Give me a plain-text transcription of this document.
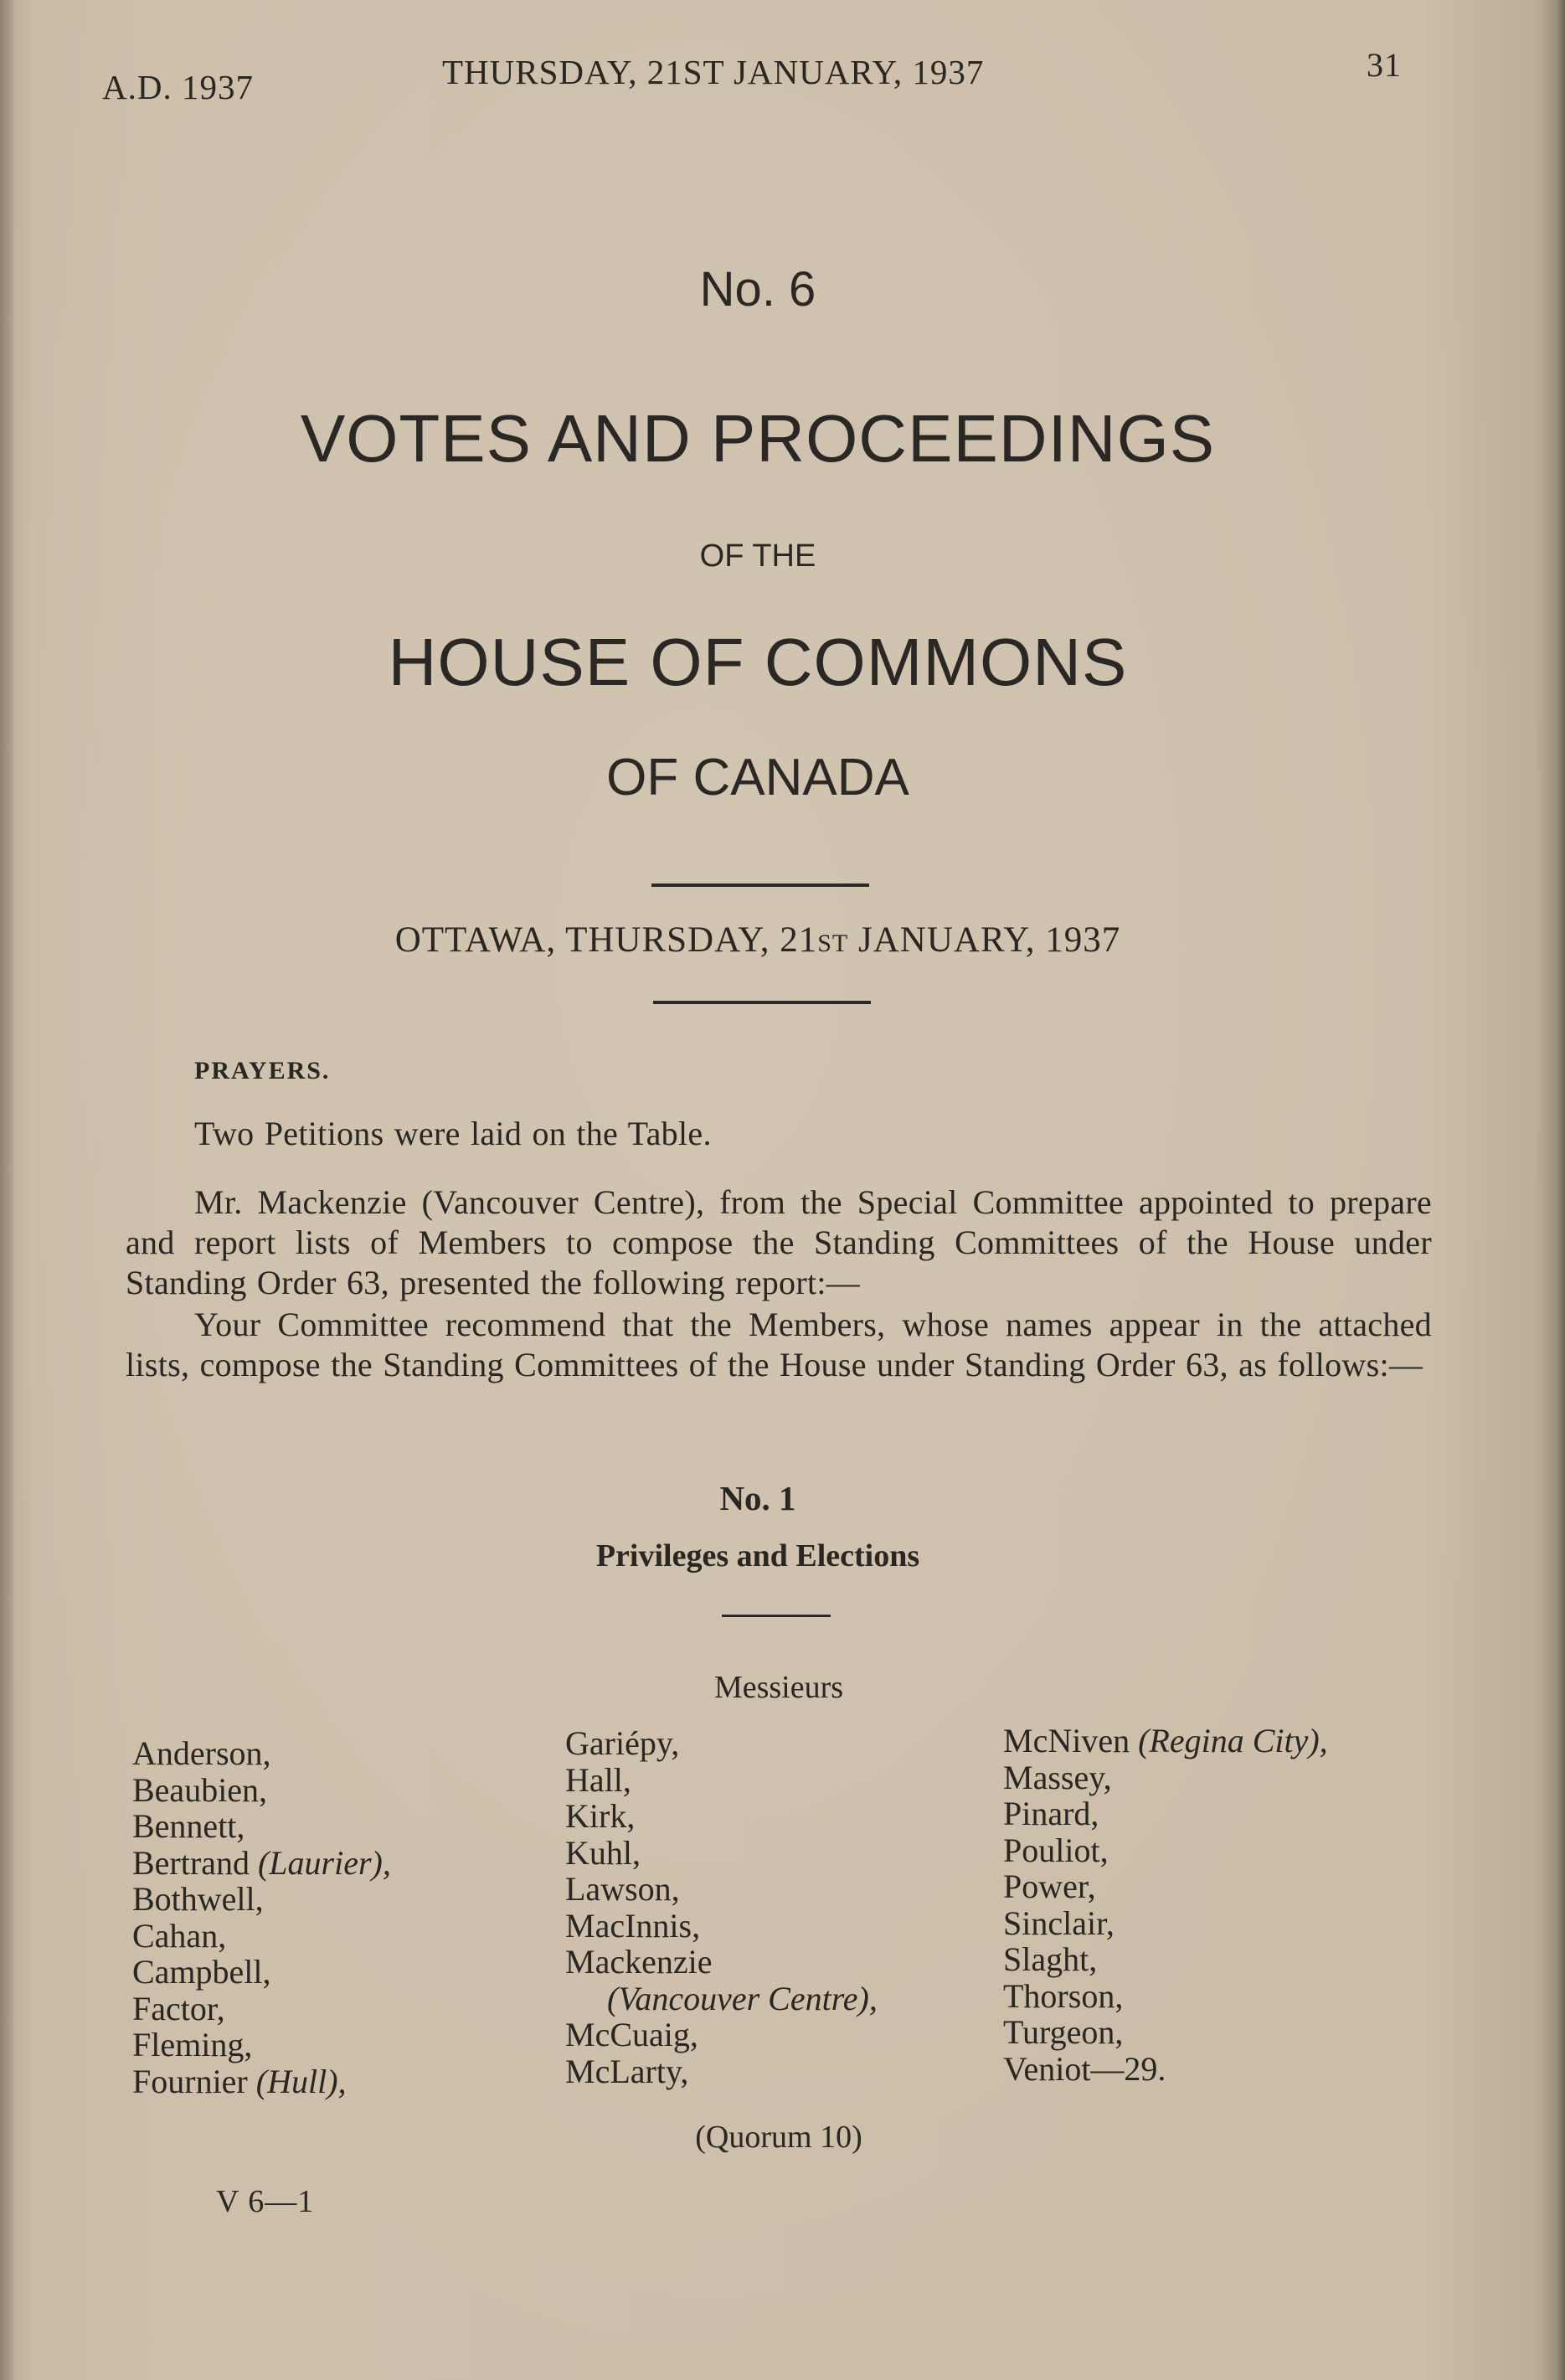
A.D. 1937	THURSDAY, 21ST JANUARY, 1937	31
No. 6
VOTES AND PROCEEDINGS
OF THE
HOUSE OF COMMONS
OF CANADA
OTTAWA, THURSDAY, 21ST JANUARY, 1937
PRAYERS.
Two Petitions were laid on the Table.
Mr. Mackenzie (Vancouver Centre), from the Special Committee appointed to prepare and report lists of Members to compose the Standing Committees of the House under Standing Order 63, presented the following report:—
Your Committee recommend that the Members, whose names appear in the attached lists, compose the Standing Committees of the House under Standing Order 63, as follows:—
No. 1
Privileges and Elections
Messieurs
Anderson,
Beaubien,
Bennett,
Bertrand (Laurier),
Bothwell,
Cahan,
Campbell,
Factor,
Fleming,
Fournier (Hull),
Gariépy,
Hall,
Kirk,
Kuhl,
Lawson,
MacInnis,
Mackenzie
(Vancouver Centre),
McCuaig,
McLarty,
McNiven (Regina City),
Massey,
Pinard,
Pouliot,
Power,
Sinclair,
Slaght,
Thorson,
Turgeon,
Veniot—29.
(Quorum 10)
V 6—1
